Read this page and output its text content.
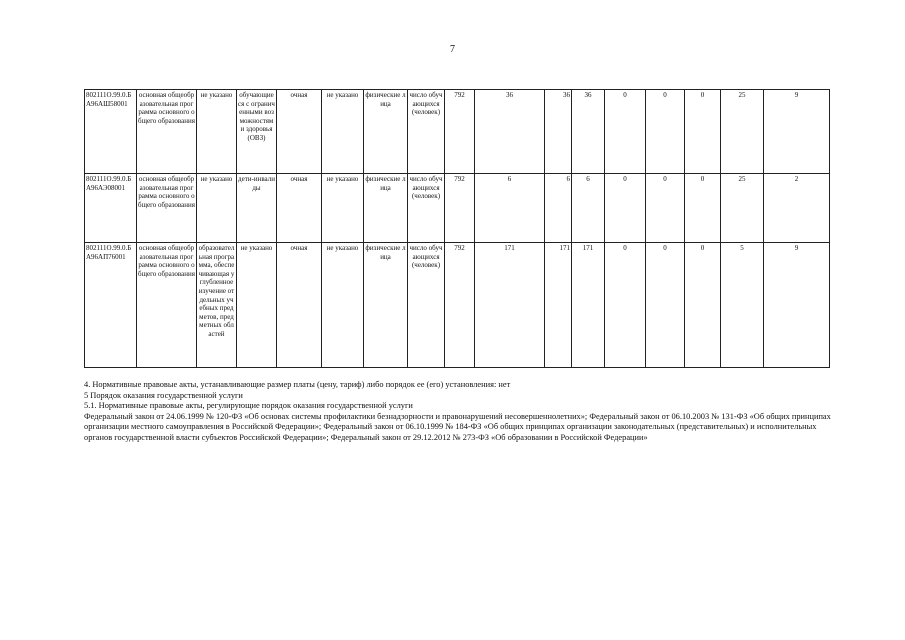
7
802111О.99.0.БА96АШ58001	основная общеобразовательная программа основного общего образования	не указано	обучающиеся с ограниченными возможностями здоровья (ОВЗ)	очная	не указано	физические лица	число обучающихся (человек)	792	36	36	36	0	0	0	25	9
802111О.99.0.БА96АЭ08001	основная общеобразовательная программа основного общего образования	не указано	дети-инвалиды	очная	не указано	физические лица	число обучающихся (человек)	792	6	6	6	0	0	0	25	2
802111О.99.0.БА96АП76001	основная общеобразовательная программа основного общего образования	образовательная программа, обеспечивающая углубленное изучение отдельных учебных предметов, предметных областей	не указано	очная	не указано	физические лица	число обучающихся (человек)	792	171	171	171	0	0	0	5	9

4. Нормативные правовые акты, устанавливающие размер платы (цену, тариф) либо порядок ее (его) установления: нет

5 Порядок оказания государственной услуги

5.1. Нормативные правовые акты, регулирующие порядок оказания государственной услуги

Федеральный закон от 24.06.1999 № 120-ФЗ «Об основах системы профилактики безнадзорности и правонарушений несовершеннолетних»; Федеральный закон от 06.10.2003 № 131-ФЗ «Об общих принципах организации местного самоуправления в Российской Федерации»; Федеральный закон от 06.10.1999 № 184-ФЗ «Об общих принципах организации законодательных (представительных) и исполнительных органов государственной власти субъектов Российской Федерации»; Федеральный закон от 29.12.2012 № 273-ФЗ «Об образовании в Российской Федерации»
